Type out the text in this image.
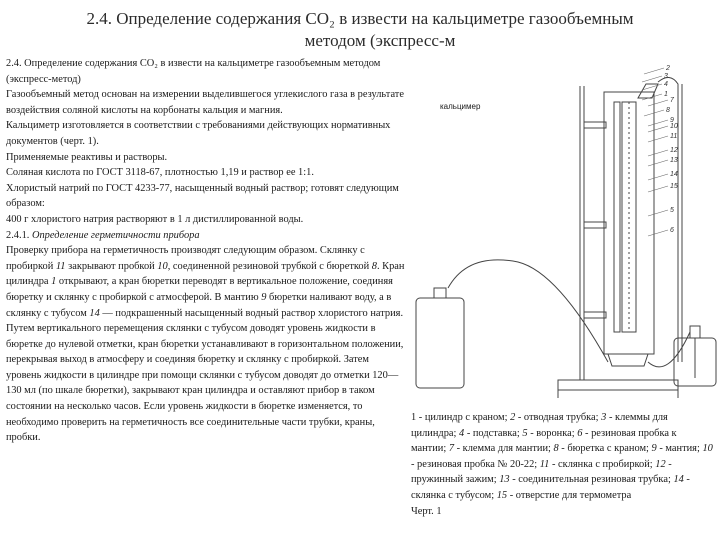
2.4. Определение содержания СО₂ в извести на кальциметре газообъемным
методом (экспресс-м

2.4. Определение содержания СО₂ в извести на кальциметре газообъемным методом (экспресс-метод)

Газообъемный метод основан на измерении выделившегося углекислого газа в результате воздействия соляной кислоты на корбонаты кальция и магния.

Кальциметр изготовляется в соответствии с требованиями действующих нормативных документов (черт. 1).

Применяемые реактивы и растворы.

Соляная кислота по ГОСТ 3118-67, плотностью 1,19 и раствор ее 1:1.

Хлористый натрий по ГОСТ 4233-77, насыщенный водный раствор; готовят следующим образом:

400 г хлористого натрия растворяют в 1 л дистиллированной воды.

2.4.1. Определение герметичности прибора

Проверку прибора на герметичность производят следующим образом. Склянку с пробиркой 11 закрывают пробкой 10, соединенной резиновой трубкой с бюреткой 8. Кран цилиндра 1 открывают, а кран бюретки переводят в вертикальное положение, соединяя бюретку и склянку с пробиркой с атмосферой. В мантию 9 бюретки наливают воду, а в склянку с тубусом 14 — подкрашенный насыщенный водный раствор хлористого натрия. Путем вертикального перемещения склянки с тубусом доводят уровень жидкости в бюретке до нулевой отметки, кран бюретки устанавливают в горизонтальном положении, перекрывая выход в атмосферу и соединяя бюретку и склянку с пробиркой. Затем уровень жидкости в цилиндре при помощи склянки с тубусом доводят до отметки 120—130 мл (по шкале бюретки), закрывают кран цилиндра и оставляют прибор в таком состоянии на несколько часов. Если уровень жидкости в бюретке изменяется, то необходимо проверить на герметичность все соединительные части трубки, краны, пробки.

кальцимер
2
3
4
1
7
8
9
10
11
12
13
14
15
5
6
1 - цилиндр с краном; 2 - отводная трубка; 3 - клеммы для цилиндра; 4 - подставка; 5 - воронка; 6 - резиновая пробка к мантии; 7 - клемма для мантии; 8 - бюретка с краном; 9 - мантия; 10 - резиновая пробка № 20-22; 11 - склянка с пробиркой; 12 - пружинный зажим; 13 - соединительная резиновая трубка; 14 - склянка с тубусом; 15 - отверстие для термометра
Черт. 1
